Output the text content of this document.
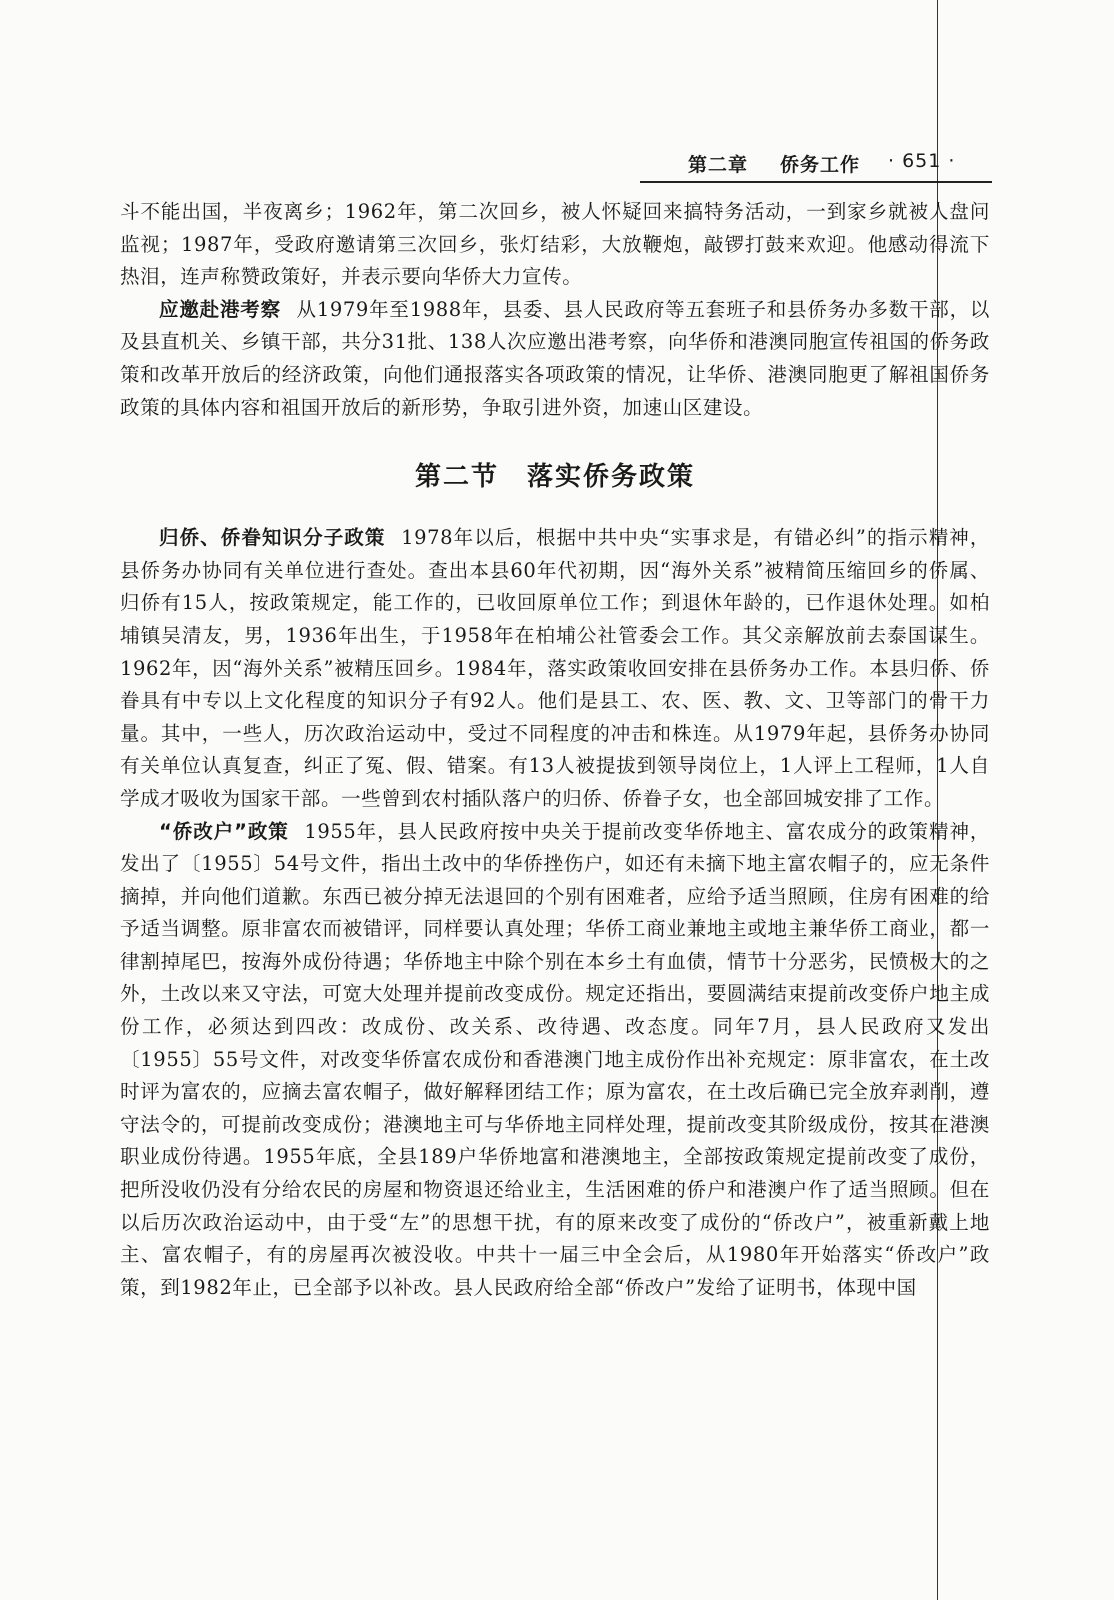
第二章 侨务工作 · 651 ·

斗不能出国，半夜离乡；1962年，第二次回乡，被人怀疑回来搞特务活动，一到家乡就被人盘问监视；1987年，受政府邀请第三次回乡，张灯结彩，大放鞭炮，敲锣打鼓来欢迎。他感动得流下热泪，连声称赞政策好，并表示要向华侨大力宣传。

应邀赴港考察 从1979年至1988年，县委、县人民政府等五套班子和县侨务办多数干部，以及县直机关、乡镇干部，共分31批、138人次应邀出港考察，向华侨和港澳同胞宣传祖国的侨务政策和改革开放后的经济政策，向他们通报落实各项政策的情况，让华侨、港澳同胞更了解祖国侨务政策的具体内容和祖国开放后的新形势，争取引进外资，加速山区建设。

第二节 落实侨务政策

归侨、侨眷知识分子政策 1978年以后，根据中共中央“实事求是，有错必纠”的指示精神，县侨务办协同有关单位进行查处。查出本县60年代初期，因“海外关系”被精简压缩回乡的侨属、归侨有15人，按政策规定，能工作的，已收回原单位工作；到退休年龄的，已作退休处理。如柏埔镇吴清友，男，1936年出生，于1958年在柏埔公社管委会工作。其父亲解放前去泰国谋生。1962年，因“海外关系”被精压回乡。1984年，落实政策收回安排在县侨务办工作。本县归侨、侨眷具有中专以上文化程度的知识分子有92人。他们是县工、农、医、教、文、卫等部门的骨干力量。其中，一些人，历次政治运动中，受过不同程度的冲击和株连。从1979年起，县侨务办协同有关单位认真复查，纠正了冤、假、错案。有13人被提拔到领导岗位上，1人评上工程师，1人自学成才吸收为国家干部。一些曾到农村插队落户的归侨、侨眷子女，也全部回城安排了工作。

“侨改户”政策 1955年，县人民政府按中央关于提前改变华侨地主、富农成分的政策精神，发出了〔1955〕54号文件，指出土改中的华侨挫伤户，如还有未摘下地主富农帽子的，应无条件摘掉，并向他们道歉。东西已被分掉无法退回的个别有困难者，应给予适当照顾，住房有困难的给予适当调整。原非富农而被错评，同样要认真处理；华侨工商业兼地主或地主兼华侨工商业，都一律割掉尾巴，按海外成份待遇；华侨地主中除个别在本乡土有血债，情节十分恶劣，民愤极大的之外，土改以来又守法，可宽大处理并提前改变成份。规定还指出，要圆满结束提前改变侨户地主成份工作，必须达到四改：改成份、改关系、改待遇、改态度。同年7月，县人民政府又发出〔1955〕55号文件，对改变华侨富农成份和香港澳门地主成份作出补充规定：原非富农，在土改时评为富农的，应摘去富农帽子，做好解释团结工作；原为富农，在土改后确已完全放弃剥削，遵守法令的，可提前改变成份；港澳地主可与华侨地主同样处理，提前改变其阶级成份，按其在港澳职业成份待遇。1955年底，全县189户华侨地富和港澳地主，全部按政策规定提前改变了成份，把所没收仍没有分给农民的房屋和物资退还给业主，生活困难的侨户和港澳户作了适当照顾。但在以后历次政治运动中，由于受“左”的思想干扰，有的原来改变了成份的“侨改户”，被重新戴上地主、富农帽子，有的房屋再次被没收。中共十一届三中全会后，从1980年开始落实“侨改户”政策，到1982年止，已全部予以补改。县人民政府给全部“侨改户”发给了证明书，体现中国
